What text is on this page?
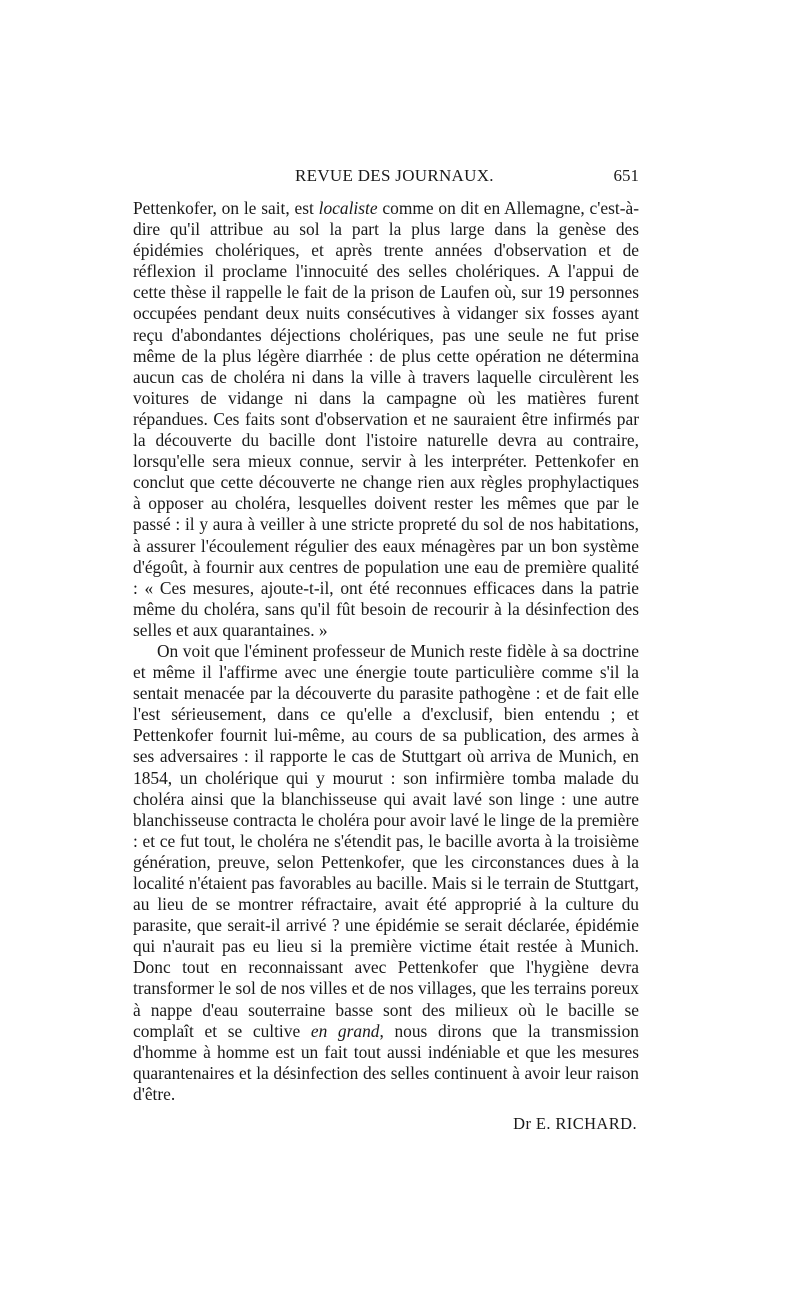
REVUE DES JOURNAUX.	651

Pettenkofer, on le sait, est localiste comme on dit en Allemagne, c'est-à-dire qu'il attribue au sol la part la plus large dans la genèse des épidémies cholériques, et après trente années d'observation et de réflexion il proclame l'innocuité des selles cholériques. A l'appui de cette thèse il rappelle le fait de la prison de Laufen où, sur 19 personnes occupées pendant deux nuits consécutives à vidanger six fosses ayant reçu d'abondantes déjections cholériques, pas une seule ne fut prise même de la plus légère diarrhée : de plus cette opération ne détermina aucun cas de choléra ni dans la ville à travers laquelle circulèrent les voitures de vidange ni dans la campagne où les matières furent répandues. Ces faits sont d'observation et ne sauraient être infirmés par la découverte du bacille dont l'istoire naturelle devra au contraire, lorsqu'elle sera mieux connue, servir à les interpréter. Pettenkofer en conclut que cette découverte ne change rien aux règles prophylactiques à opposer au choléra, lesquelles doivent rester les mêmes que par le passé : il y aura à veiller à une stricte propreté du sol de nos habitations, à assurer l'écoulement régulier des eaux ménagères par un bon système d'égoût, à fournir aux centres de population une eau de première qualité : « Ces mesures, ajoute-t-il, ont été reconnues efficaces dans la patrie même du choléra, sans qu'il fût besoin de recourir à la désinfection des selles et aux quarantaines. »

On voit que l'éminent professeur de Munich reste fidèle à sa doctrine et même il l'affirme avec une énergie toute particulière comme s'il la sentait menacée par la découverte du parasite pathogène : et de fait elle l'est sérieusement, dans ce qu'elle a d'exclusif, bien entendu ; et Pettenkofer fournit lui-même, au cours de sa publication, des armes à ses adversaires : il rapporte le cas de Stuttgart où arriva de Munich, en 1854, un cholérique qui y mourut : son infirmière tomba malade du choléra ainsi que la blanchisseuse qui avait lavé son linge : une autre blanchisseuse contracta le choléra pour avoir lavé le linge de la première : et ce fut tout, le choléra ne s'étendit pas, le bacille avorta à la troisième génération, preuve, selon Pettenkofer, que les circonstances dues à la localité n'étaient pas favorables au bacille. Mais si le terrain de Stuttgart, au lieu de se montrer réfractaire, avait été approprié à la culture du parasite, que serait-il arrivé ? une épidémie se serait déclarée, épidémie qui n'aurait pas eu lieu si la première victime était restée à Munich. Donc tout en reconnaissant avec Pettenkofer que l'hygiène devra transformer le sol de nos villes et de nos villages, que les terrains poreux à nappe d'eau souterraine basse sont des milieux où le bacille se complaît et se cultive en grand, nous dirons que la transmission d'homme à homme est un fait tout aussi indéniable et que les mesures quarantenaires et la désinfection des selles continuent à avoir leur raison d'être.

Dr E. RICHARD.
